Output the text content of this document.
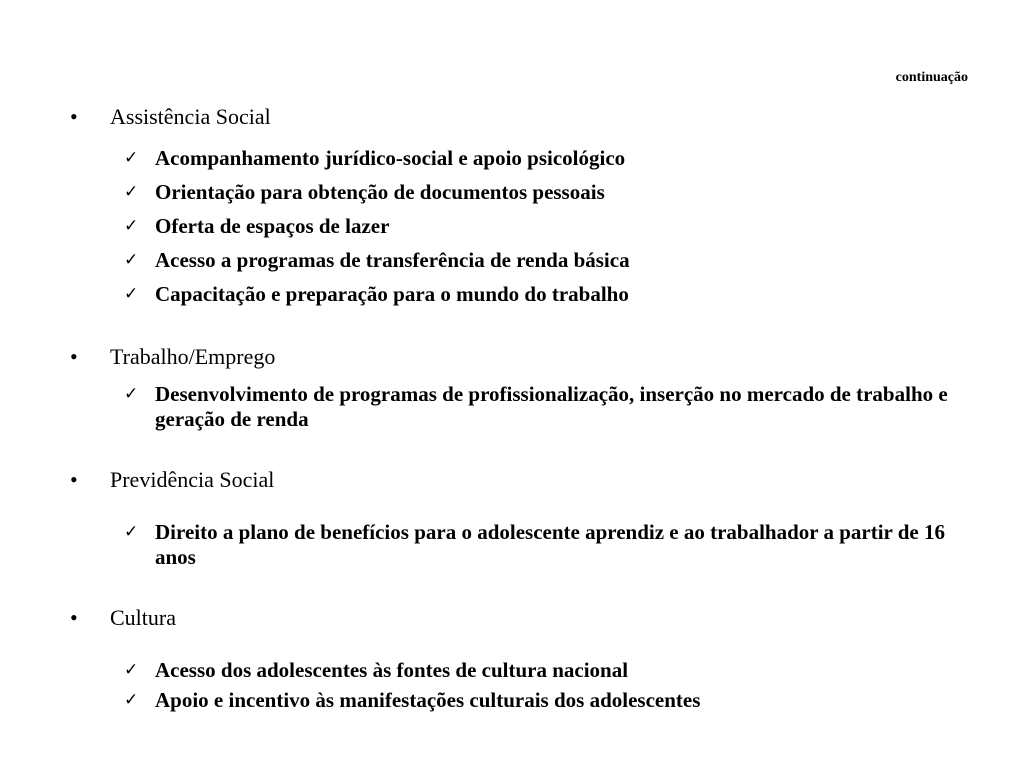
continuação
• Assistência Social
✓ Acompanhamento jurídico-social e apoio psicológico
✓ Orientação para obtenção de documentos pessoais
✓ Oferta de espaços de lazer
✓ Acesso a programas de transferência de renda básica
✓ Capacitação e preparação para o mundo do trabalho
• Trabalho/Emprego
✓ Desenvolvimento de programas de profissionalização, inserção no mercado de trabalho e geração de renda
• Previdência Social
✓ Direito a plano de benefícios para o adolescente aprendiz e ao trabalhador a partir de 16 anos
• Cultura
✓ Acesso dos adolescentes às fontes de cultura nacional
✓ Apoio e incentivo às manifestações culturais dos adolescentes
